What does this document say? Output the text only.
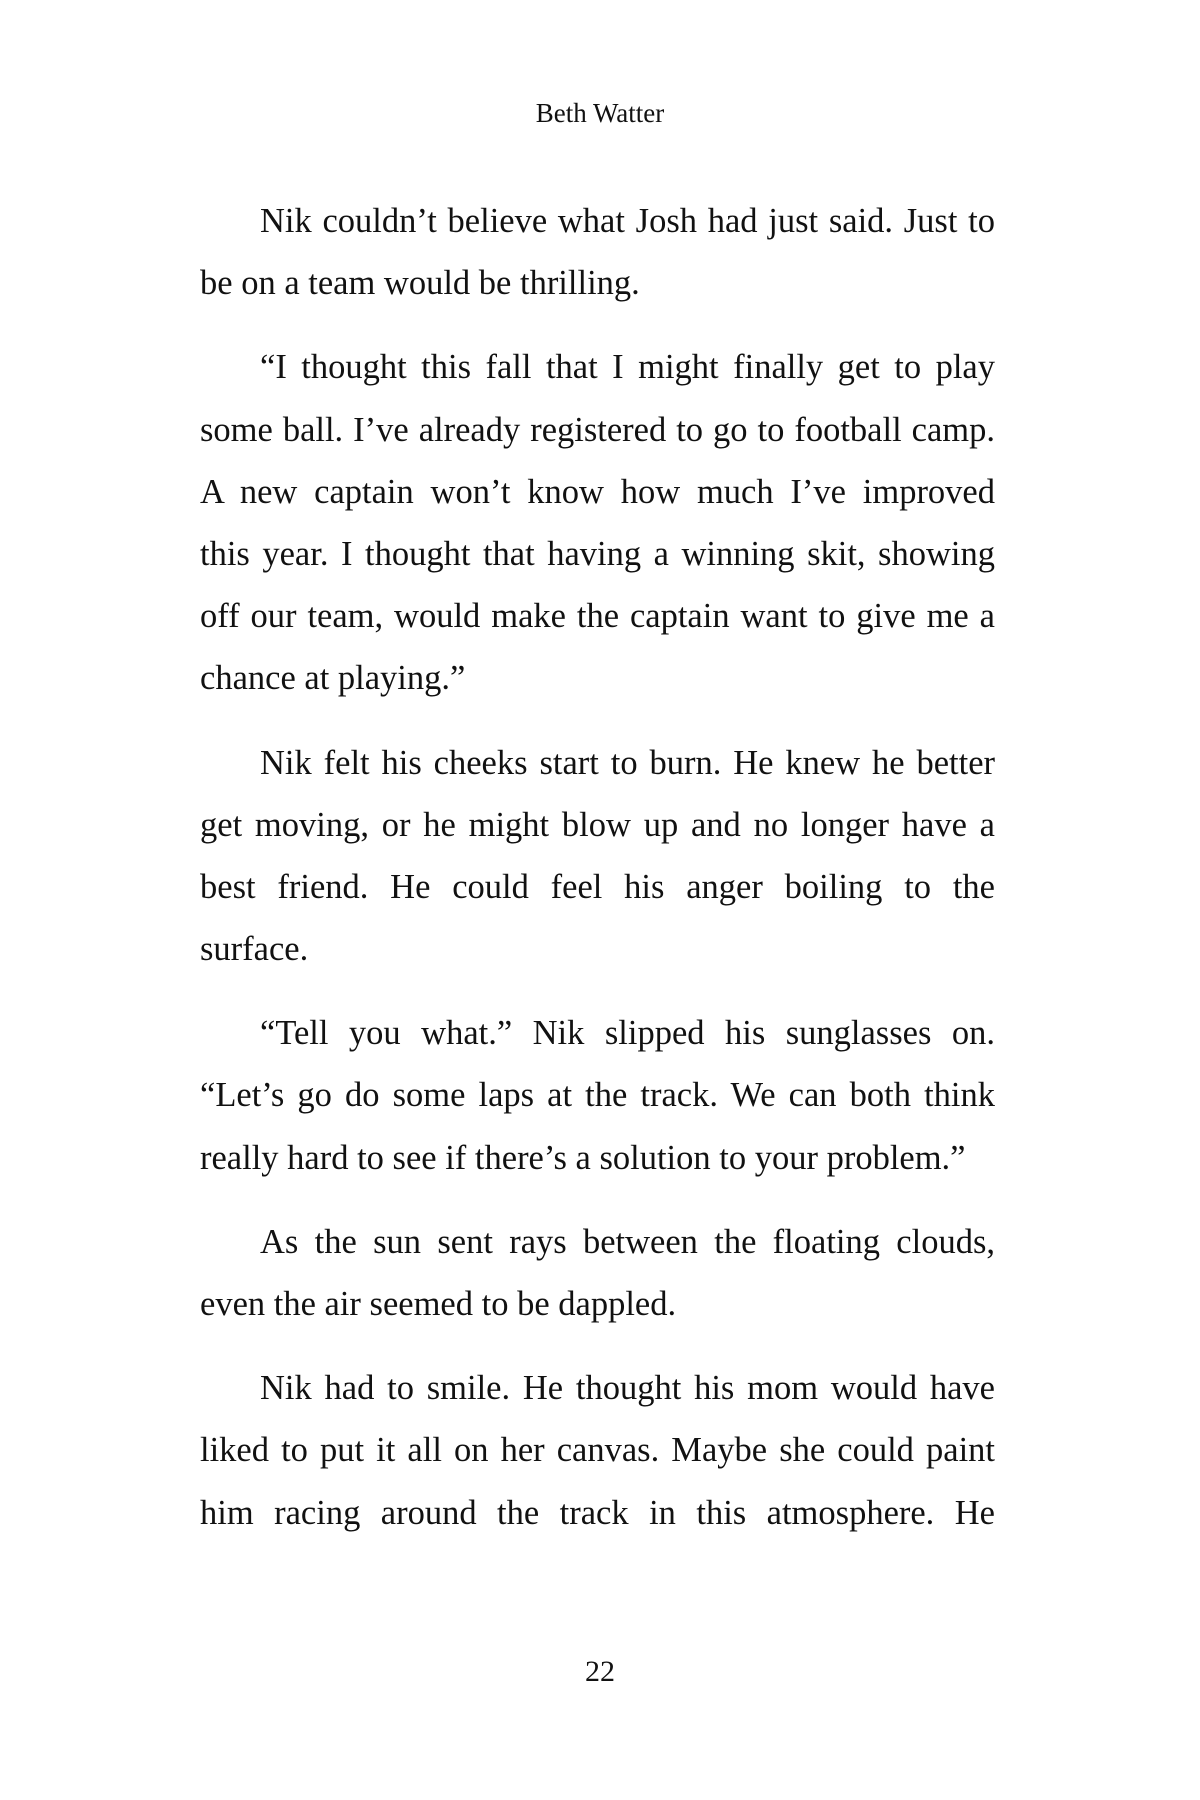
Beth Watter
Nik couldn’t believe what Josh had just said. Just to
be on a team would be thrilling.
“I thought this fall that I might finally get to play
some ball. I’ve already registered to go to football camp.
A new captain won’t know how much I’ve improved
this year. I thought that having a winning skit, showing
off our team, would make the captain want to give me a
chance at playing.”
Nik felt his cheeks start to burn. He knew he better
get moving, or he might blow up and no longer have a
best friend. He could feel his anger boiling to the
surface.
“Tell you what.” Nik slipped his sunglasses on.
“Let’s go do some laps at the track. We can both think
really hard to see if there’s a solution to your problem.”
As the sun sent rays between the floating clouds,
even the air seemed to be dappled.
Nik had to smile. He thought his mom would have
liked to put it all on her canvas. Maybe she could paint
him racing around the track in this atmosphere. He
22
